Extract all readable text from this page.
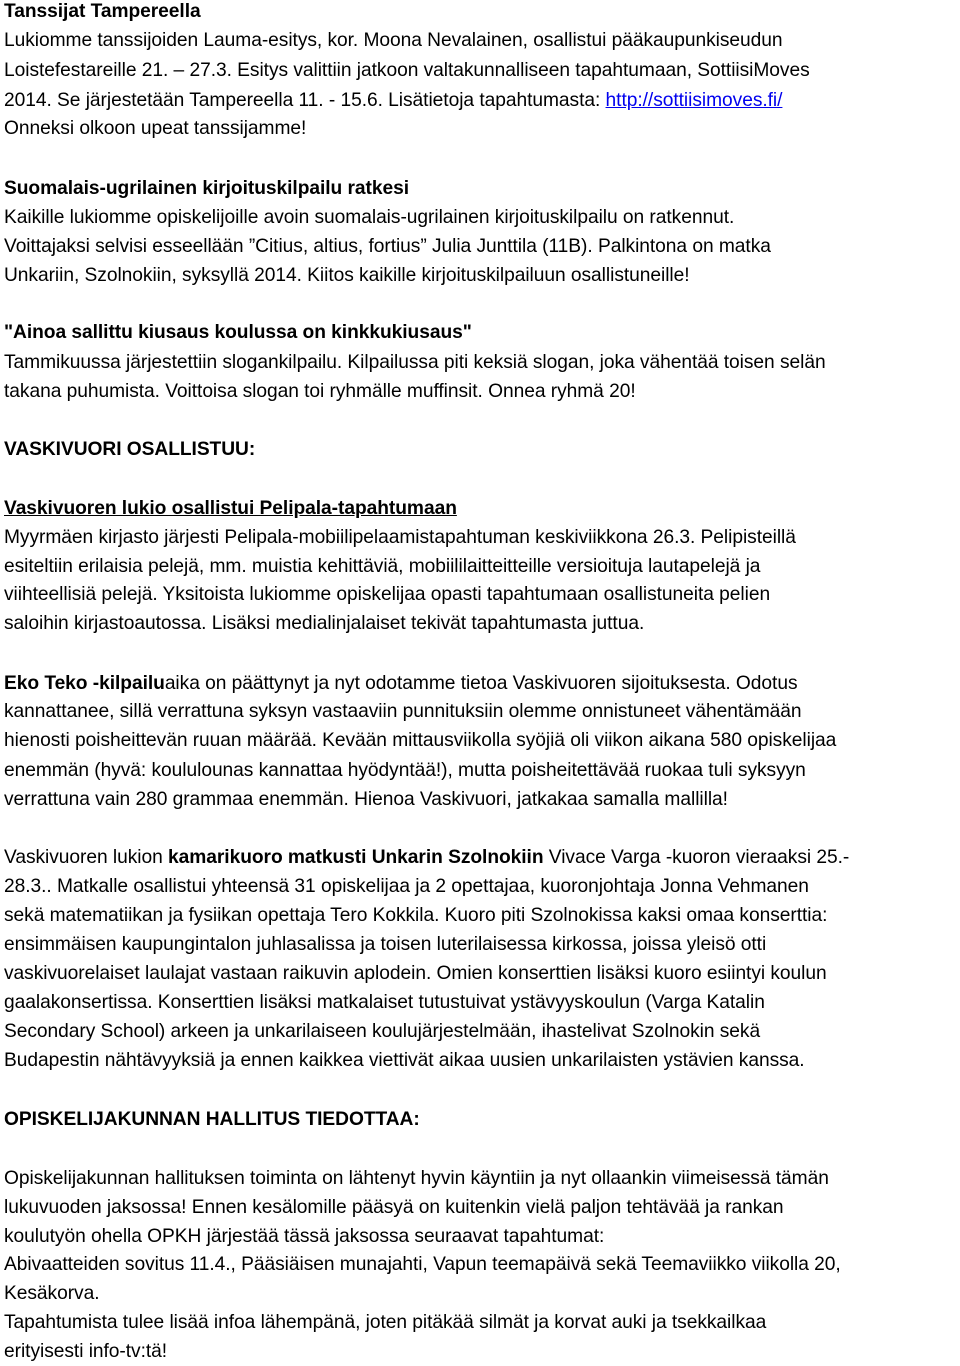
Tanssijat Tampereella
Lukiomme tanssijoiden Lauma-esitys, kor. Moona Nevalainen, osallistui pääkaupunkiseudun
Loistefestareille 21. – 27.3. Esitys valittiin jatkoon valtakunnalliseen tapahtumaan, SottiisiMoves
2014. Se järjestetään Tampereella 11. - 15.6. Lisätietoja tapahtumasta: http://sottiisimoves.fi/
Onneksi olkoon upeat tanssijamme!
Suomalais-ugrilainen kirjoituskilpailu ratkesi
Kaikille lukiomme opiskelijoille avoin suomalais-ugrilainen kirjoituskilpailu on ratkennut.
Voittajaksi selvisi esseellään ”Citius, altius, fortius” Julia Junttila (11B). Palkintona on matka
Unkariin, Szolnokiin, syksyllä 2014. Kiitos kaikille kirjoituskilpailuun osallistuneille!
"Ainoa sallittu kiusaus koulussa on kinkkukiusaus"
Tammikuussa järjestettiin slogankilpailu. Kilpailussa piti keksiä slogan, joka vähentää toisen selän
takana puhumista. Voittoisa slogan toi ryhmälle muffinsit. Onnea ryhmä 20!
VASKIVUORI OSALLISTUU:
Vaskivuoren lukio osallistui Pelipala-tapahtumaan
Myyrmäen kirjasto järjesti Pelipala-mobiilipelaamistapahtuman keskiviikkona 26.3. Pelipisteillä
esiteltiin erilaisia pelejä, mm. muistia kehittäviä, mobiililaitteitteille versioituja lautapelejä ja
viihteellisiä pelejä. Yksitoista lukiomme opiskelijaa opasti tapahtumaan osallistuneita pelien
saloihin kirjastoautossa. Lisäksi medialinjalaiset tekivät tapahtumasta juttua.
Eko Teko -kilpailuaika on päättynyt ja nyt odotamme tietoa Vaskivuoren sijoituksesta. Odotus
kannattanee, sillä verrattuna syksyn vastaaviin punnituksiin olemme onnistuneet vähentämään
hienosti poisheittevän ruuan määrää. Kevään mittausviikolla syöjiä oli viikon aikana 580 opiskelijaa
enemmän (hyvä: koululounas kannattaa hyödyntää!), mutta poisheitettävää ruokaa tuli syksyyn
verrattuna vain 280 grammaa enemmän. Hienoa Vaskivuori, jatkakaa samalla mallilla!
Vaskivuoren lukion kamarikuoro matkusti Unkarin Szolnokiin Vivace Varga -kuoron vieraaksi 25.-
28.3.. Matkalle osallistui yhteensä 31 opiskelijaa ja 2 opettajaa, kuoronjohtaja Jonna Vehmanen
sekä matematiikan ja fysiikan opettaja Tero Kokkila. Kuoro piti Szolnokissa kaksi omaa konserttia:
ensimmäisen kaupungintalon juhlasalissa ja toisen luterilaisessa kirkossa, joissa yleisö otti
vaskivuorelaiset laulajat vastaan raikuvin aplodein. Omien konserttien lisäksi kuoro esiintyi koulun
gaalakonsertissa. Konserttien lisäksi matkalaiset tutustuivat ystävyyskoulun (Varga Katalin
Secondary School) arkeen ja unkarilaiseen koulujärjestelmään, ihastelivat Szolnokin sekä
Budapestin nähtävyyksiä ja ennen kaikkea viettivät aikaa uusien unkarilaisten ystävien kanssa.
OPISKELIJAKUNNAN HALLITUS TIEDOTTAA:
Opiskelijakunnan hallituksen toiminta on lähtenyt hyvin käyntiin ja nyt ollaankin viimeisessä tämän
lukuvuoden jaksossa! Ennen kesälomille pääsyä on kuitenkin vielä paljon tehtävää ja rankan
koulutyön ohella OPKH järjestää tässä jaksossa seuraavat tapahtumat:
Abivaatteiden sovitus 11.4., Pääsiäisen munajahti, Vapun teemapäivä sekä Teemaviikko viikolla 20,
Kesäkorva.
Tapahtumista tulee lisää infoa lähempänä, joten pitäkää silmät ja korvat auki ja tsekkailkaa
erityisesti info-tv:tä!
